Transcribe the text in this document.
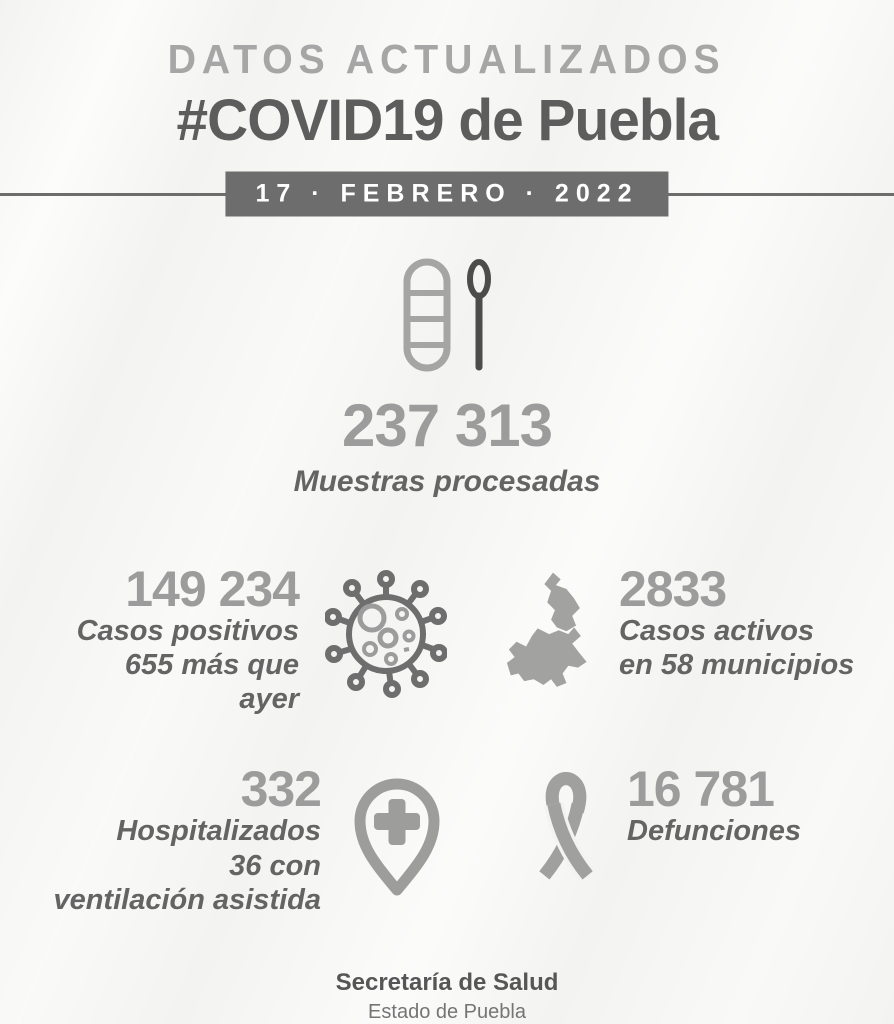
DATOS ACTUALIZADOS
#COVID19 de Puebla
17 · FEBRERO · 2022
237 313
Muestras procesadas
149 234
Casos positivos
655 más que
ayer
2833
Casos activos
en 58 municipios
332
Hospitalizados
36 con
ventilación asistida
16 781
Defunciones
Secretaría de Salud
Estado de Puebla
